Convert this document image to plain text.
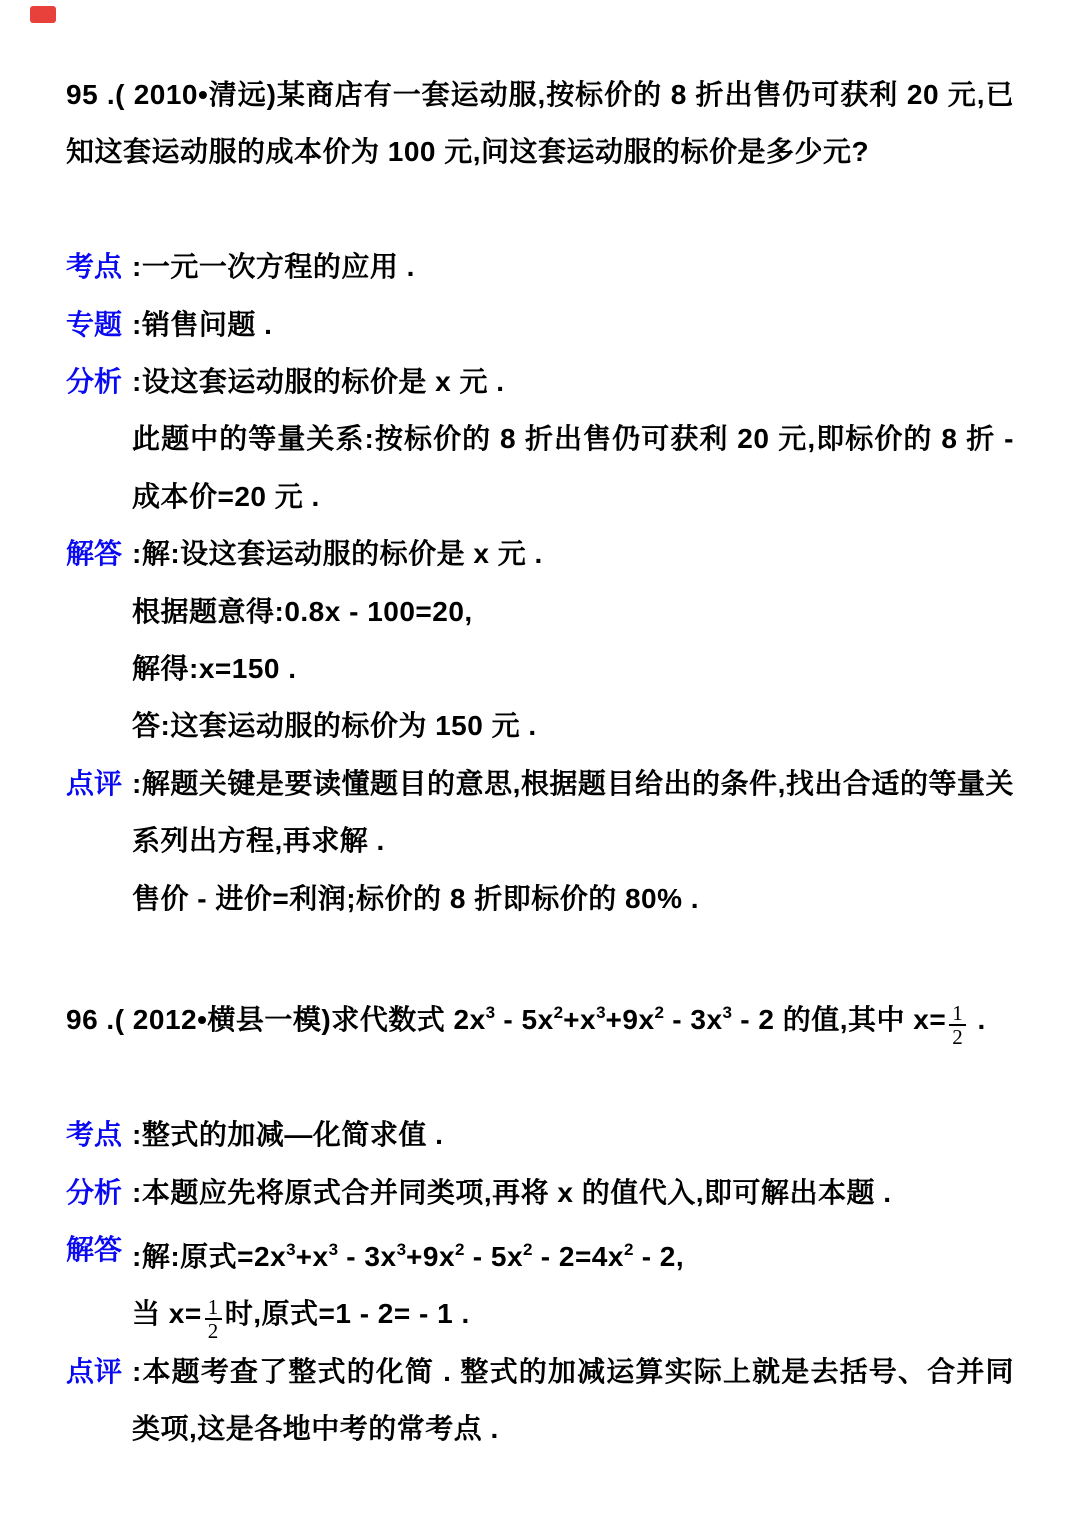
95 .( 2010•清远)某商店有一套运动服,按标价的 8 折出售仍可获利 20 元,已知这套运动服的成本价为 100 元,问这套运动服的标价是多少元?
考点 :一元一次方程的应用 .
专题 :销售问题 .
分析 :设这套运动服的标价是 x 元 .
此题中的等量关系:按标价的 8 折出售仍可获利 20 元,即标价的 8 折 - 成本价=20 元 .
解答 :解:设这套运动服的标价是 x 元 .
根据题意得:0.8x - 100=20,
解得:x=150 .
答:这套运动服的标价为 150 元 .
点评 :解题关键是要读懂题目的意思,根据题目给出的条件,找出合适的等量关系列出方程,再求解 .
售价 - 进价=利润;标价的 8 折即标价的 80% .
96 .( 2012•横县一模)求代数式 $2x^3 - 5x^2+x^3+9x^2 - 3x^3 - 2$ 的值,其中 $x= \frac{1}{2}$ .
考点 :整式的加减—化简求值 .
分析 :本题应先将原式合并同类项,再将 x 的值代入,即可解出本题 .
解答 :解:原式$=2x^3+x^3 - 3x^3+9x^2 - 5x^2 - 2=4x^2 - 2$,
当 $x= \frac{1}{2}$ 时,原式=1 - 2= - 1 .
点评 :本题考查了整式的化简 . 整式的加减运算实际上就是去括号、合并同类项,这是各地中考的常考点 .
